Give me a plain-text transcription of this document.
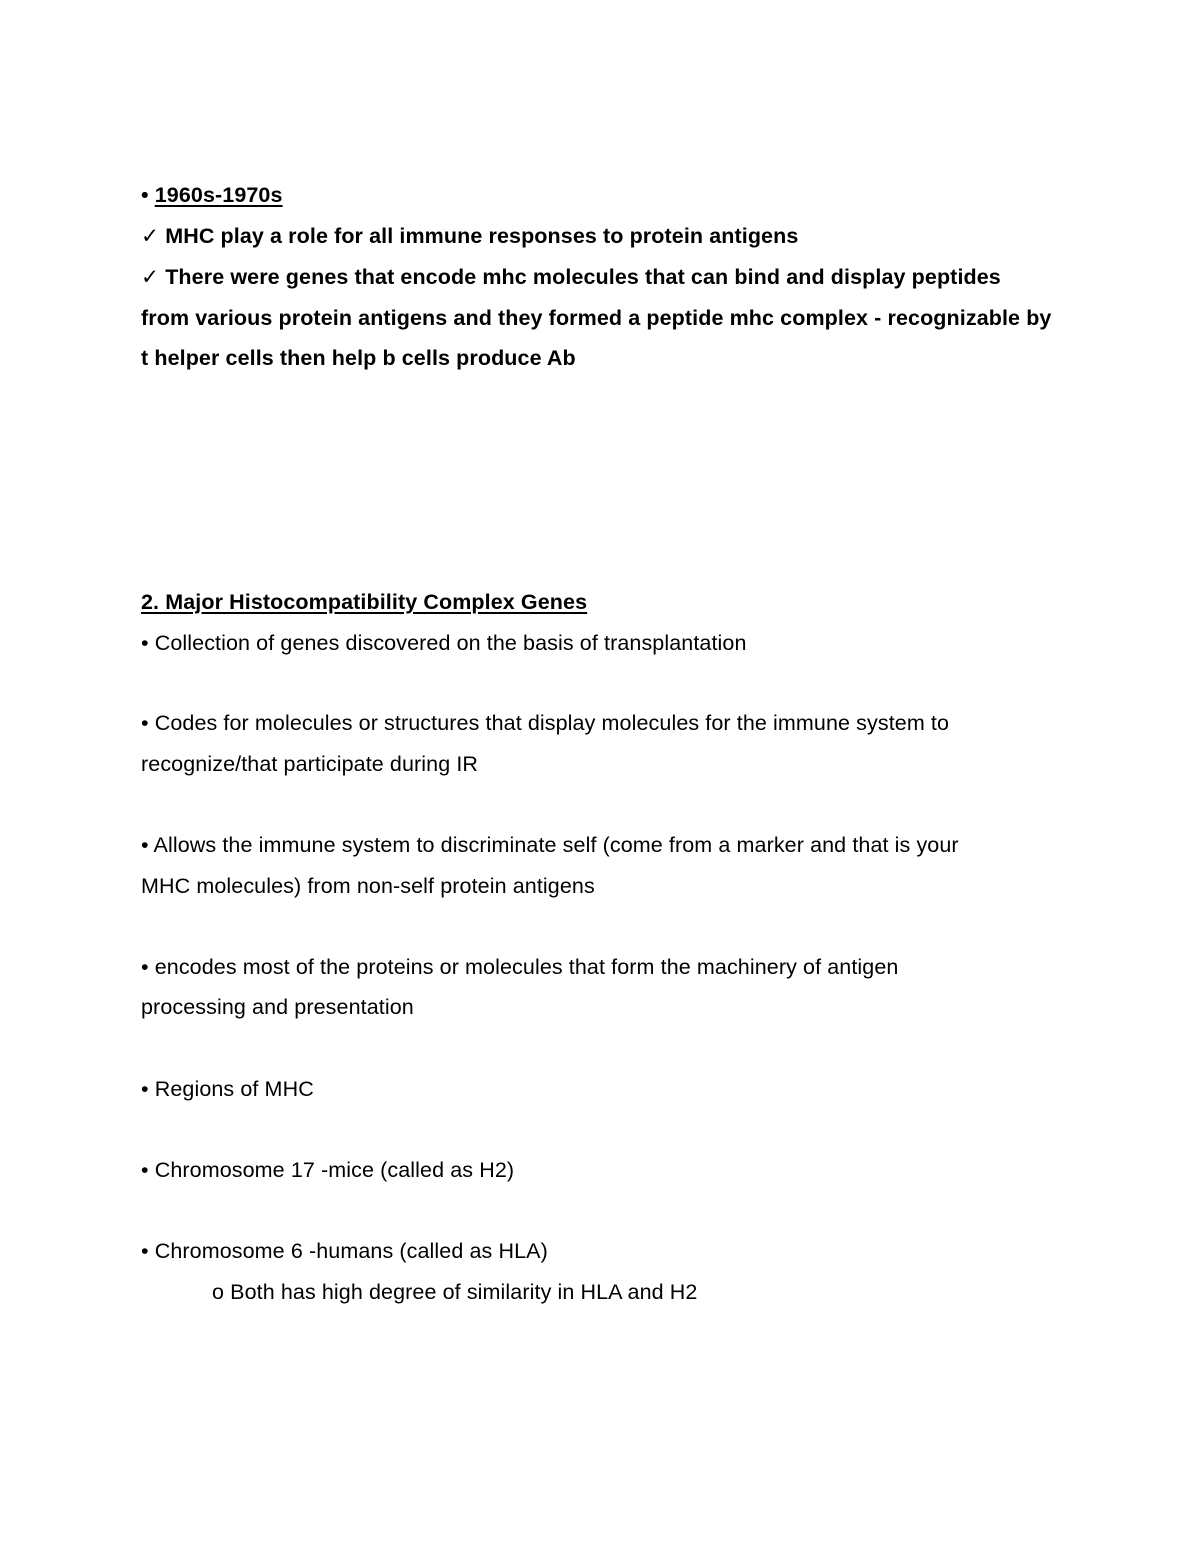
• 1960s-1970s
✓ MHC play a role for all immune responses to protein antigens
✓ There were genes that encode mhc molecules that can bind and display peptides
from various protein antigens and they formed a peptide mhc complex - recognizable by
t helper cells then help b cells produce Ab
2. Major Histocompatibility Complex Genes
• Collection of genes discovered on the basis of transplantation
• Codes for molecules or structures that display molecules for the immune system to
recognize/that participate during IR
• Allows the immune system to discriminate self (come from a marker and that is your
MHC molecules) from non-self protein antigens
• encodes most of the proteins or molecules that form the machinery of antigen
processing and presentation
• Regions of MHC
• Chromosome 17 -mice (called as H2)
• Chromosome 6 -humans (called as HLA)
o Both has high degree of similarity in HLA and H2
